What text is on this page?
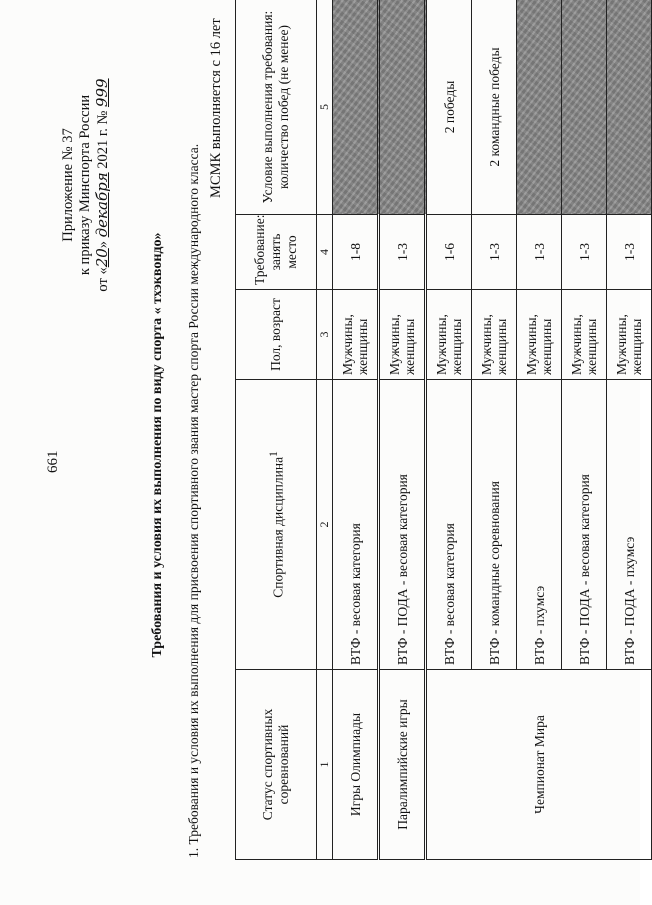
661
Приложение № 37 к приказу Минспорта России
от «20» декабря 2021 г. № 999
Требования и условия их выполнения по виду спорта « тхэквондо» 1. Требования и условия их выполнения для присвоения спортивного звания мастер спорта России международного класса.
МСМК выполняется с 16 лет
Статус спортивных соревнований	Спортивная дисциплина$^1$	Пол, возраст	Требование: занять место	Условие выполнения требования: количество побед (не менее)
1	2	3	4	5
Игры Олимпиады	ВТФ - весовая категория	Мужчины, женщины	1-8	
Паралимпийские игры	ВТФ - ПОДА - весовая категория	Мужчины, женщины	1-3	
Чемпионат Мира	ВТФ - весовая категория	Мужчины, женщины	1-6	2 победы
	ВТФ - командные соревнования	Мужчины, женщины	1-3	2 командные победы
	ВТФ - пхумсэ	Мужчины, женщины	1-3	
	ВТФ - ПОДА - весовая категория	Мужчины, женщины	1-3	
	ВТФ - ПОДА - пхумсэ	Мужчины, женщины	1-3	
